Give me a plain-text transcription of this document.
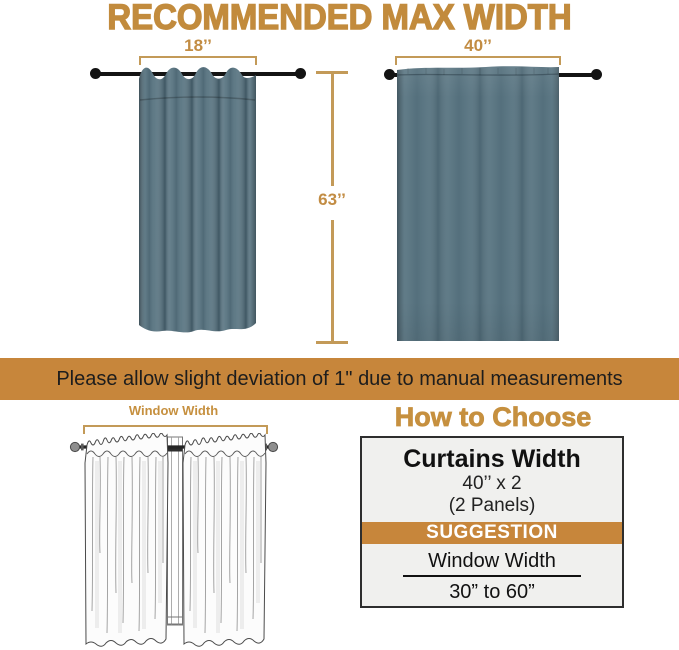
RECOMMENDED MAX WIDTH
18’’
63’’
40’’
Please allow slight deviation of 1" due to manual measurements
Window Width	How to Choose
Curtains Width
40’’ x 2
(2 Panels)
SUGGESTION
Window Width
30” to 60”
